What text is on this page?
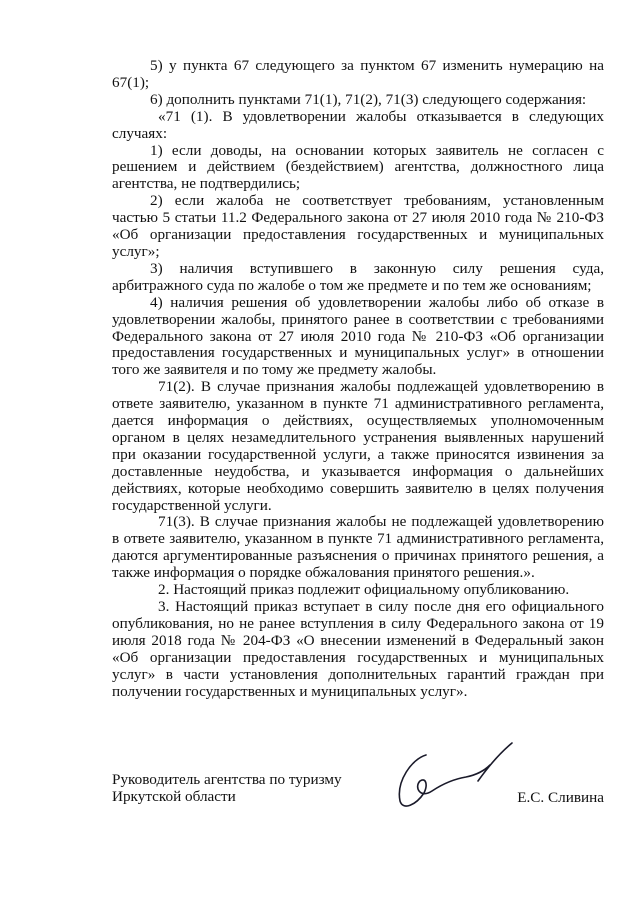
5) у пункта 67 следующего за пунктом 67 изменить нумерацию на 67(1);

6) дополнить пунктами 71(1), 71(2), 71(3) следующего содержания:

«71 (1). В удовлетворении жалобы отказывается в следующих случаях:

1) если доводы, на основании которых заявитель не согласен с решением и действием (бездействием) агентства, должностного лица агентства, не подтвердились;

2) если жалоба не соответствует требованиям, установленным частью 5 статьи 11.2 Федерального закона от 27 июля 2010 года № 210-ФЗ «Об организации предоставления государственных и муниципальных услуг»;

3) наличия вступившего в законную силу решения суда, арбитражного суда по жалобе о том же предмете и по тем же основаниям;

4) наличия решения об удовлетворении жалобы либо об отказе в удовлетворении жалобы, принятого ранее в соответствии с требованиями Федерального закона от 27 июля 2010 года № 210-ФЗ «Об организации предоставления государственных и муниципальных услуг» в отношении того же заявителя и по тому же предмету жалобы.

71(2). В случае признания жалобы подлежащей удовлетворению в ответе заявителю, указанном в пункте 71 административного регламента, дается информация о действиях, осуществляемых уполномоченным органом в целях незамедлительного устранения выявленных нарушений при оказании государственной услуги, а также приносятся извинения за доставленные неудобства, и указывается информация о дальнейших действиях, которые необходимо совершить заявителю в целях получения государственной услуги.

71(3). В случае признания жалобы не подлежащей удовлетворению в ответе заявителю, указанном в пункте 71 административного регламента, даются аргументированные разъяснения о причинах принятого решения, а также информация о порядке обжалования принятого решения.».

2. Настоящий приказ подлежит официальному опубликованию.

3. Настоящий приказ вступает в силу после дня его официального опубликования, но не ранее вступления в силу Федерального закона от 19 июля 2018 года № 204-ФЗ «О внесении изменений в Федеральный закон «Об организации предоставления государственных и муниципальных услуг» в части установления дополнительных гарантий граждан при получении государственных и муниципальных услуг».

Руководитель агентства по туризму
Иркутской области	Е.С. Сливина
